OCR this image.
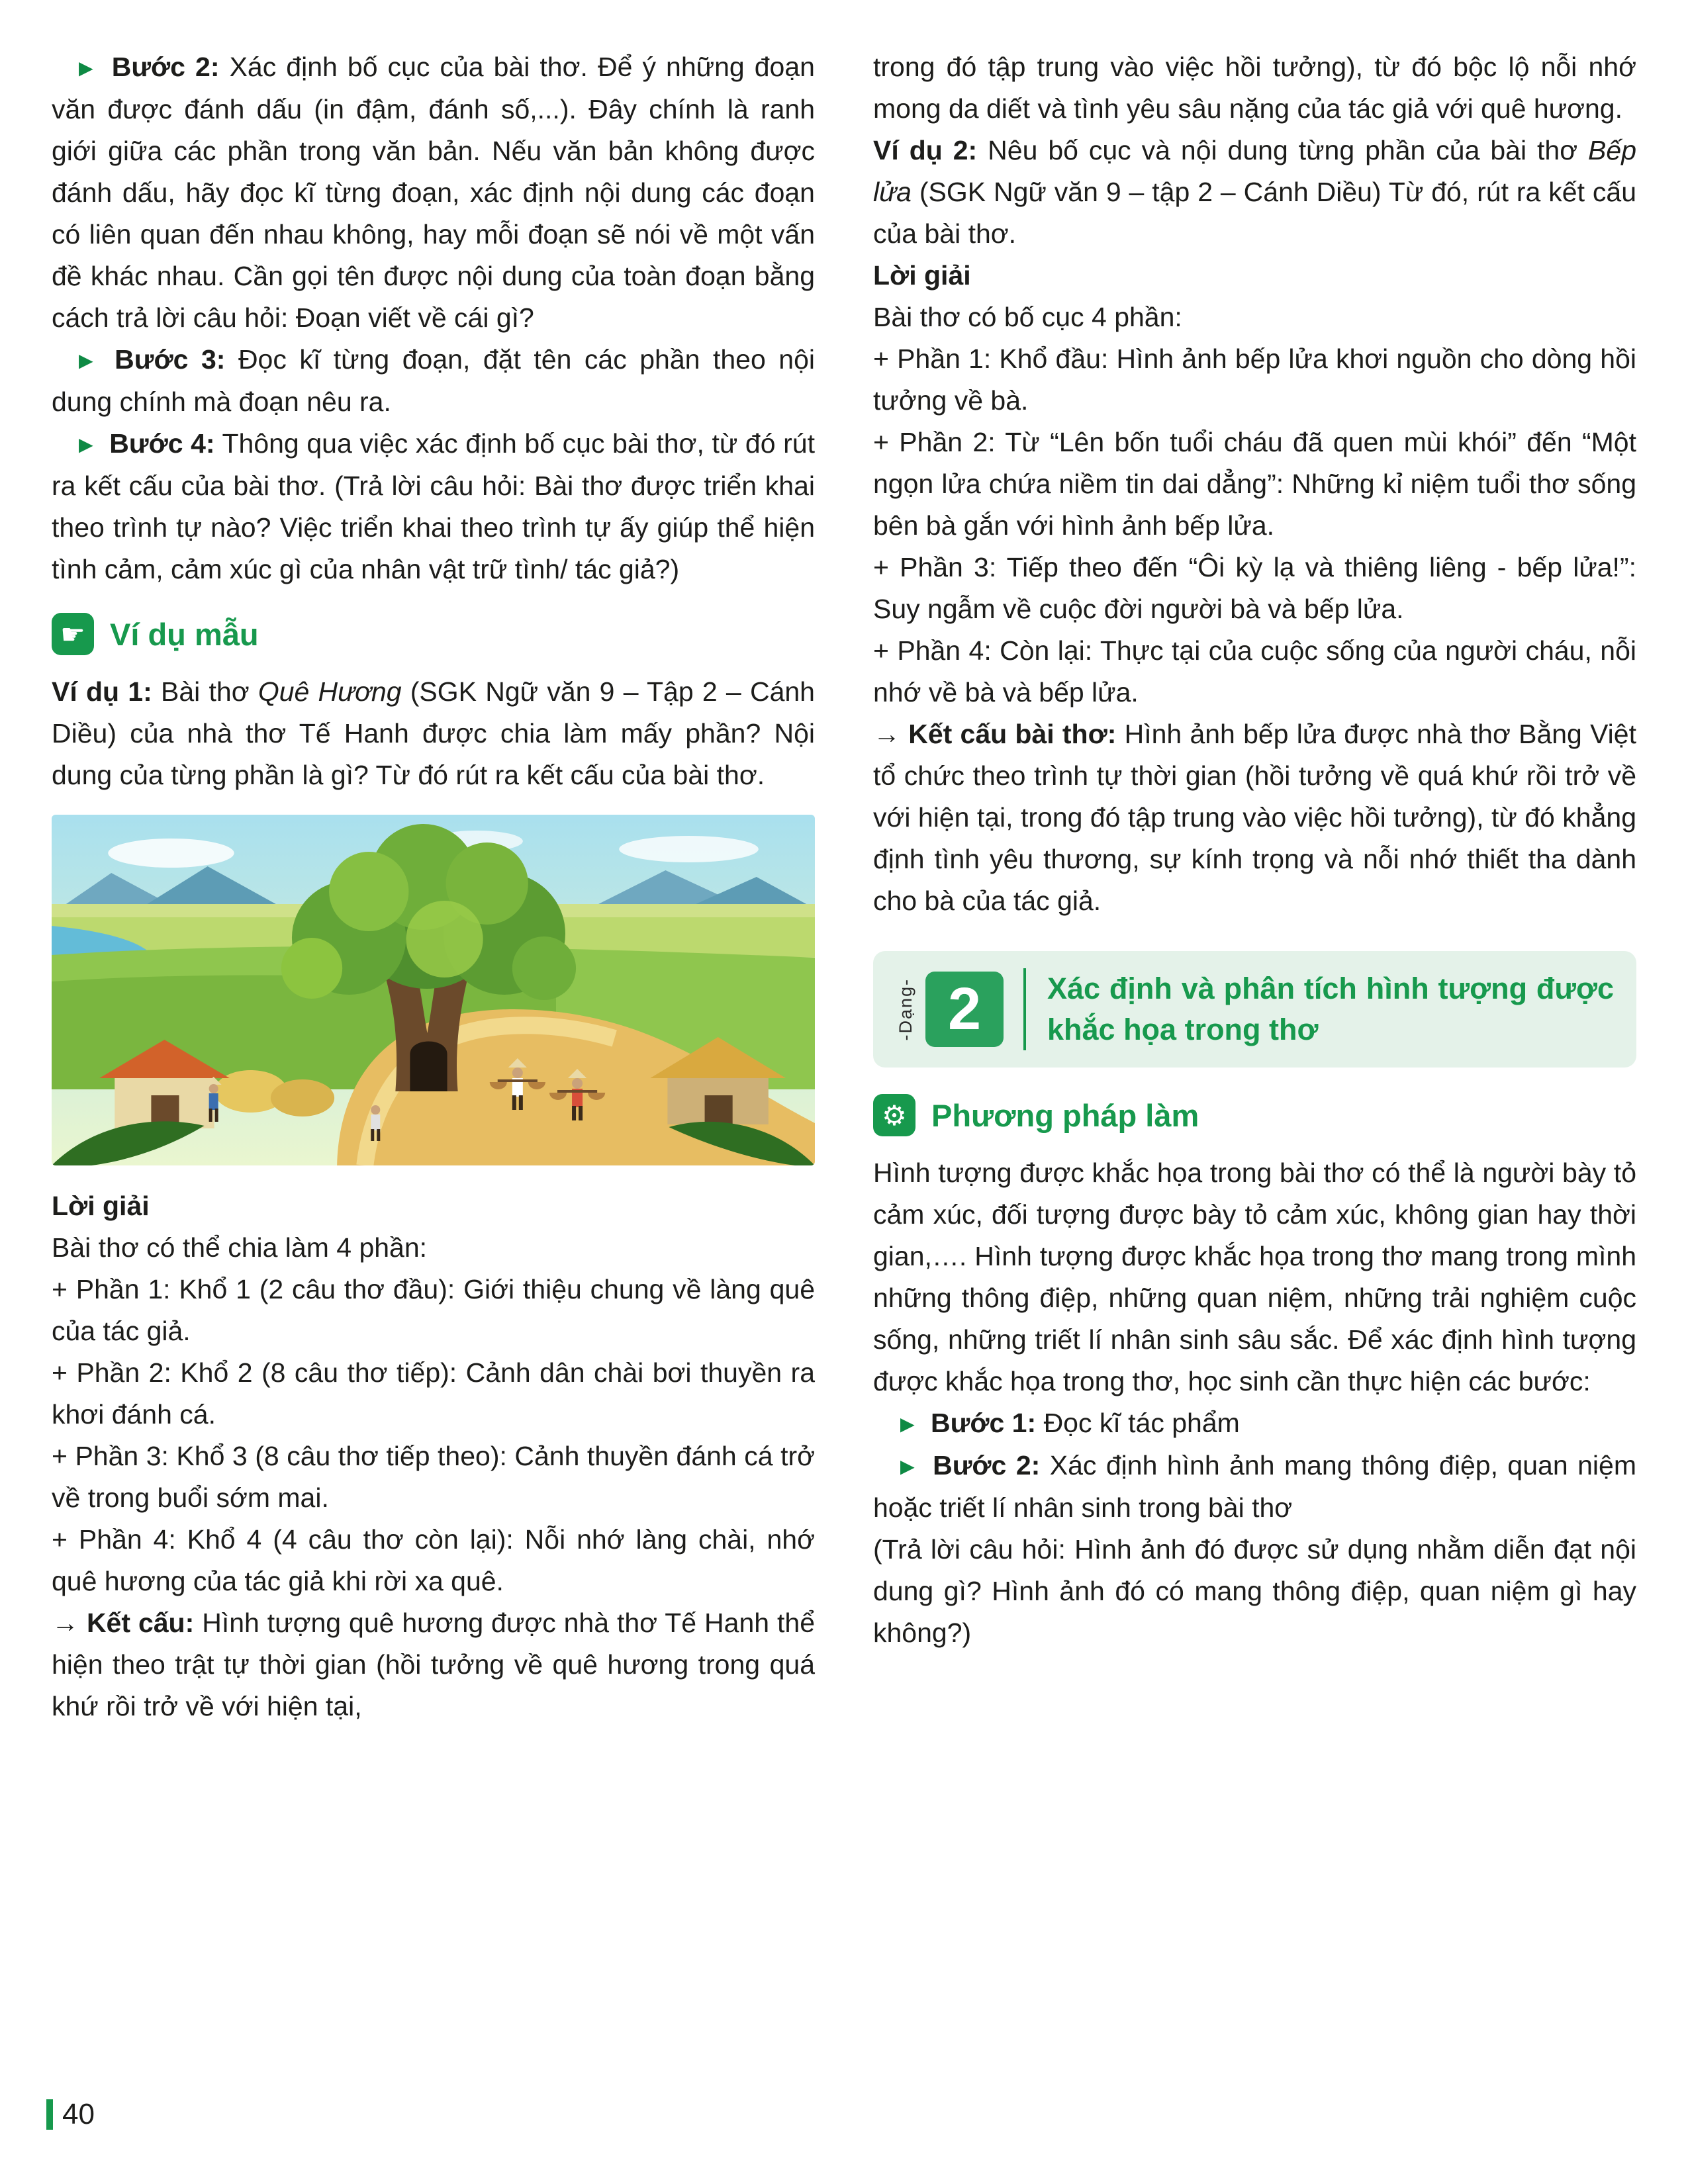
► Bước 2: Xác định bố cục của bài thơ. Để ý những đoạn văn được đánh dấu (in đậm, đánh số,...). Đây chính là ranh giới giữa các phần trong văn bản. Nếu văn bản không được đánh dấu, hãy đọc kĩ từng đoạn, xác định nội dung các đoạn có liên quan đến nhau không, hay mỗi đoạn sẽ nói về một vấn đề khác nhau. Cần gọi tên được nội dung của toàn đoạn bằng cách trả lời câu hỏi: Đoạn viết về cái gì?

► Bước 3: Đọc kĩ từng đoạn, đặt tên các phần theo nội dung chính mà đoạn nêu ra.

► Bước 4: Thông qua việc xác định bố cục bài thơ, từ đó rút ra kết cấu của bài thơ. (Trả lời câu hỏi: Bài thơ được triển khai theo trình tự nào? Việc triển khai theo trình tự ấy giúp thể hiện tình cảm, cảm xúc gì của nhân vật trữ tình/ tác giả?)

☛ Ví dụ mẫu

Ví dụ 1: Bài thơ Quê Hương (SGK Ngữ văn 9 – Tập 2 – Cánh Diều) của nhà thơ Tế Hanh được chia làm mấy phần? Nội dung của từng phần là gì? Từ đó rút ra kết cấu của bài thơ.

Lời giải

Bài thơ có thể chia làm 4 phần:

+ Phần 1: Khổ 1 (2 câu thơ đầu): Giới thiệu chung về làng quê của tác giả.

+ Phần 2: Khổ 2 (8 câu thơ tiếp): Cảnh dân chài bơi thuyền ra khơi đánh cá.

+ Phần 3: Khổ 3 (8 câu thơ tiếp theo): Cảnh thuyền đánh cá trở về trong buổi sớm mai.

+ Phần 4: Khổ 4 (4 câu thơ còn lại): Nỗi nhớ làng chài, nhớ quê hương của tác giả khi rời xa quê.

→ Kết cấu: Hình tượng quê hương được nhà thơ Tế Hanh thể hiện theo trật tự thời gian (hồi tưởng về quê hương trong quá khứ rồi trở về với hiện tại,

trong đó tập trung vào việc hồi tưởng), từ đó bộc lộ nỗi nhớ mong da diết và tình yêu sâu nặng của tác giả với quê hương.

Ví dụ 2: Nêu bố cục và nội dung từng phần của bài thơ Bếp lửa (SGK Ngữ văn 9 – tập 2 – Cánh Diều) Từ đó, rút ra kết cấu của bài thơ.

Lời giải

Bài thơ có bố cục 4 phần:

+ Phần 1: Khổ đầu: Hình ảnh bếp lửa khơi nguồn cho dòng hồi tưởng về bà.

+ Phần 2: Từ “Lên bốn tuổi cháu đã quen mùi khói” đến “Một ngọn lửa chứa niềm tin dai dẳng”: Những kỉ niệm tuổi thơ sống bên bà gắn với hình ảnh bếp lửa.

+ Phần 3: Tiếp theo đến “Ôi kỳ lạ và thiêng liêng - bếp lửa!”: Suy ngẫm về cuộc đời người bà và bếp lửa.

+ Phần 4: Còn lại: Thực tại của cuộc sống của người cháu, nỗi nhớ về bà và bếp lửa.

→ Kết cấu bài thơ: Hình ảnh bếp lửa được nhà thơ Bằng Việt tổ chức theo trình tự thời gian (hồi tưởng về quá khứ rồi trở về với hiện tại, trong đó tập trung vào việc hồi tưởng), từ đó khẳng định tình yêu thương, sự kính trọng và nỗi nhớ thiết tha dành cho bà của tác giả.

-Dạng- 2	Xác định và phân tích hình tượng được khắc họa trong thơ
⚙ Phương pháp làm

Hình tượng được khắc họa trong bài thơ có thể là người bày tỏ cảm xúc, đối tượng được bày tỏ cảm xúc, không gian hay thời gian,…. Hình tượng được khắc họa trong thơ mang trong mình những thông điệp, những quan niệm, những trải nghiệm cuộc sống, những triết lí nhân sinh sâu sắc. Để xác định hình tượng được khắc họa trong thơ, học sinh cần thực hiện các bước:

► Bước 1: Đọc kĩ tác phẩm

► Bước 2: Xác định hình ảnh mang thông điệp, quan niệm hoặc triết lí nhân sinh trong bài thơ

(Trả lời câu hỏi: Hình ảnh đó được sử dụng nhằm diễn đạt nội dung gì? Hình ảnh đó có mang thông điệp, quan niệm gì hay không?)

40
